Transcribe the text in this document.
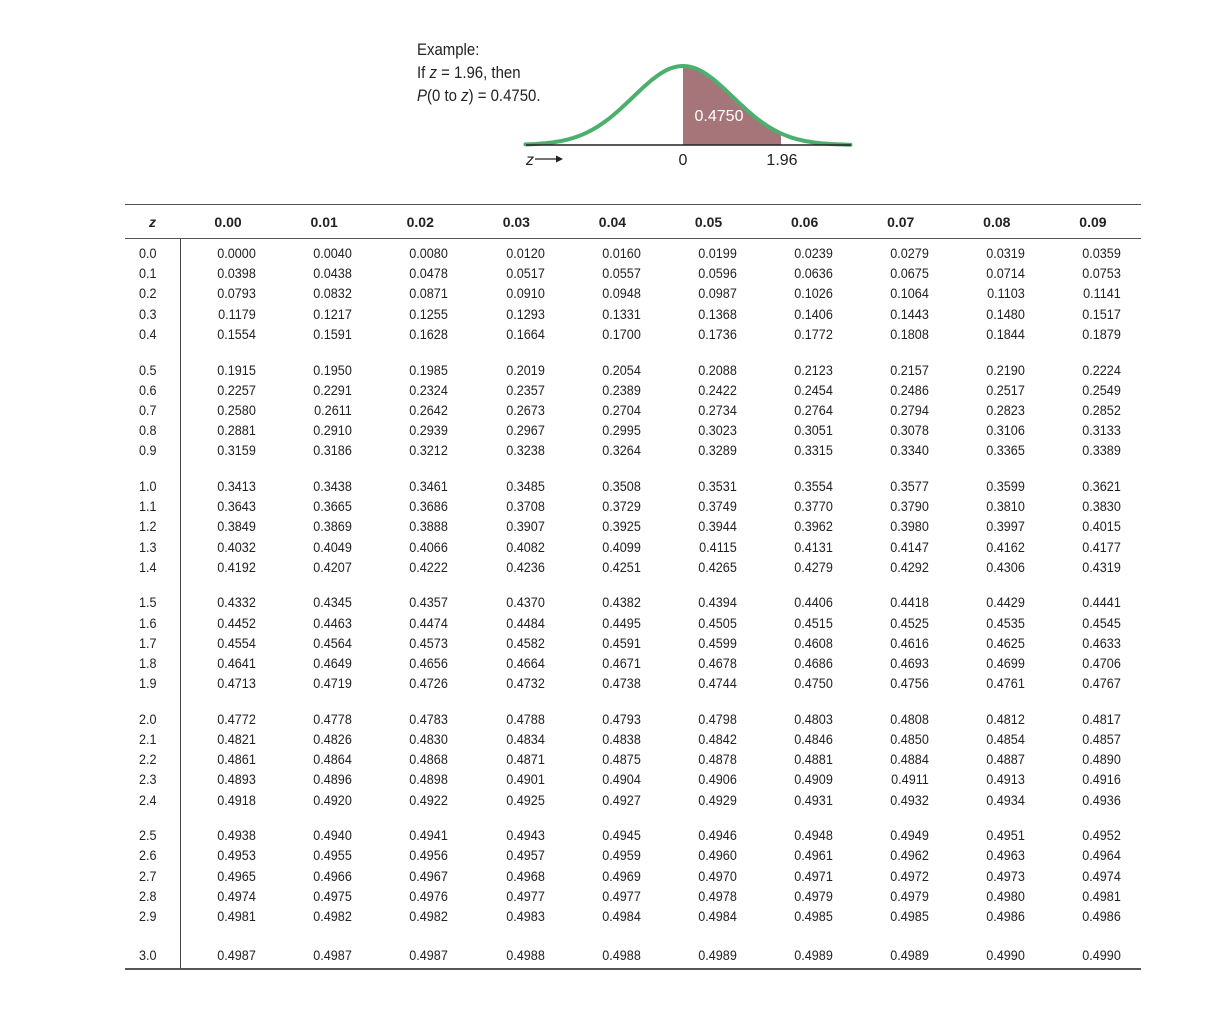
Example:
If z = 1.96, then
P(0 to z) = 0.4750.
0.4750
0	1.96
z
z	0.00	0.01	0.02	0.03	0.04	0.05	0.06	0.07	0.08	0.09
0.0	0.0000	0.0040	0.0080	0.0120	0.0160	0.0199	0.0239	0.0279	0.0319	0.0359
0.1	0.0398	0.0438	0.0478	0.0517	0.0557	0.0596	0.0636	0.0675	0.0714	0.0753
0.2	0.0793	0.0832	0.0871	0.0910	0.0948	0.0987	0.1026	0.1064	0.1103	0.1141
0.3	0.1179	0.1217	0.1255	0.1293	0.1331	0.1368	0.1406	0.1443	0.1480	0.1517
0.4	0.1554	0.1591	0.1628	0.1664	0.1700	0.1736	0.1772	0.1808	0.1844	0.1879

0.5	0.1915	0.1950	0.1985	0.2019	0.2054	0.2088	0.2123	0.2157	0.2190	0.2224
0.6	0.2257	0.2291	0.2324	0.2357	0.2389	0.2422	0.2454	0.2486	0.2517	0.2549
0.7	0.2580	0.2611	0.2642	0.2673	0.2704	0.2734	0.2764	0.2794	0.2823	0.2852
0.8	0.2881	0.2910	0.2939	0.2967	0.2995	0.3023	0.3051	0.3078	0.3106	0.3133
0.9	0.3159	0.3186	0.3212	0.3238	0.3264	0.3289	0.3315	0.3340	0.3365	0.3389

1.0	0.3413	0.3438	0.3461	0.3485	0.3508	0.3531	0.3554	0.3577	0.3599	0.3621
1.1	0.3643	0.3665	0.3686	0.3708	0.3729	0.3749	0.3770	0.3790	0.3810	0.3830
1.2	0.3849	0.3869	0.3888	0.3907	0.3925	0.3944	0.3962	0.3980	0.3997	0.4015
1.3	0.4032	0.4049	0.4066	0.4082	0.4099	0.4115	0.4131	0.4147	0.4162	0.4177
1.4	0.4192	0.4207	0.4222	0.4236	0.4251	0.4265	0.4279	0.4292	0.4306	0.4319

1.5	0.4332	0.4345	0.4357	0.4370	0.4382	0.4394	0.4406	0.4418	0.4429	0.4441
1.6	0.4452	0.4463	0.4474	0.4484	0.4495	0.4505	0.4515	0.4525	0.4535	0.4545
1.7	0.4554	0.4564	0.4573	0.4582	0.4591	0.4599	0.4608	0.4616	0.4625	0.4633
1.8	0.4641	0.4649	0.4656	0.4664	0.4671	0.4678	0.4686	0.4693	0.4699	0.4706
1.9	0.4713	0.4719	0.4726	0.4732	0.4738	0.4744	0.4750	0.4756	0.4761	0.4767

2.0	0.4772	0.4778	0.4783	0.4788	0.4793	0.4798	0.4803	0.4808	0.4812	0.4817
2.1	0.4821	0.4826	0.4830	0.4834	0.4838	0.4842	0.4846	0.4850	0.4854	0.4857
2.2	0.4861	0.4864	0.4868	0.4871	0.4875	0.4878	0.4881	0.4884	0.4887	0.4890
2.3	0.4893	0.4896	0.4898	0.4901	0.4904	0.4906	0.4909	0.4911	0.4913	0.4916
2.4	0.4918	0.4920	0.4922	0.4925	0.4927	0.4929	0.4931	0.4932	0.4934	0.4936

2.5	0.4938	0.4940	0.4941	0.4943	0.4945	0.4946	0.4948	0.4949	0.4951	0.4952
2.6	0.4953	0.4955	0.4956	0.4957	0.4959	0.4960	0.4961	0.4962	0.4963	0.4964
2.7	0.4965	0.4966	0.4967	0.4968	0.4969	0.4970	0.4971	0.4972	0.4973	0.4974
2.8	0.4974	0.4975	0.4976	0.4977	0.4977	0.4978	0.4979	0.4979	0.4980	0.4981
2.9	0.4981	0.4982	0.4982	0.4983	0.4984	0.4984	0.4985	0.4985	0.4986	0.4986

3.0	0.4987	0.4987	0.4987	0.4988	0.4988	0.4989	0.4989	0.4989	0.4990	0.4990
